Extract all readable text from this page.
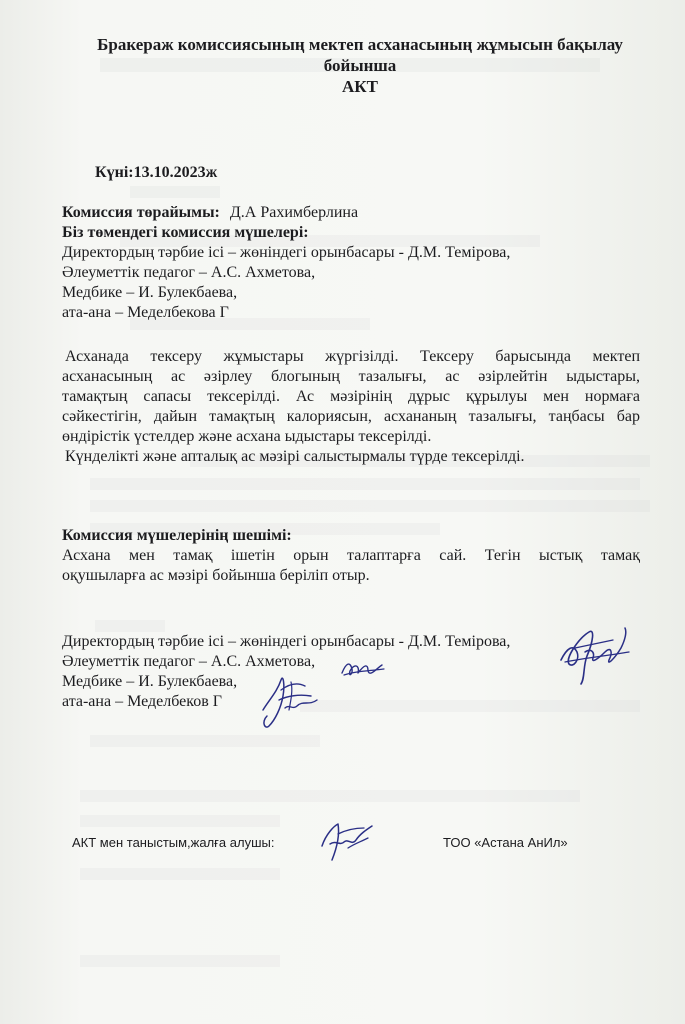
Бракераж комиссиясының мектеп асханасының жұмысын бақылау
бойынша
АКТ
Күні:13.10.2023ж
Комиссия төрайымы: Д.А Рахимберлина
Біз төмендегі комиссия мүшелері:
Директордың тәрбие ісі – жөніндегі орынбасары - Д.М. Темірова,
Әлеуметтік педагог – А.С. Ахметова,
Медбике – И. Булекбаева,
ата-ана – Меделбекова Г
Асханада тексеру жұмыстары жүргізілді. Тексеру барысында мектеп
асханасының ас әзірлеу блогының тазалығы, ас әзірлейтін ыдыстары,
тамақтың сапасы тексерілді. Ас мәзірінің дұрыс құрылуы мен нормаға
сәйкестігін, дайын тамақтың калориясын, асхананың тазалығы, таңбасы бар
өндірістік үстелдер және асхана ыдыстары тексерілді.
Күнделікті және апталық ас мәзірі салыстырмалы түрде тексерілді.
Комиссия мүшелерінің шешімі:
Асхана мен тамақ ішетін орын талаптарға сай. Тегін ыстық тамақ
оқушыларға ас мәзірі бойынша беріліп отыр.
Директордың тәрбие ісі – жөніндегі орынбасары - Д.М. Темірова,
Әлеуметтік педагог – А.С. Ахметова,
Медбике – И. Булекбаева,
ата-ана – Меделбеков Г
АКТ мен таныстым,жалға алушы:	ТОО «Астана АнИл»
